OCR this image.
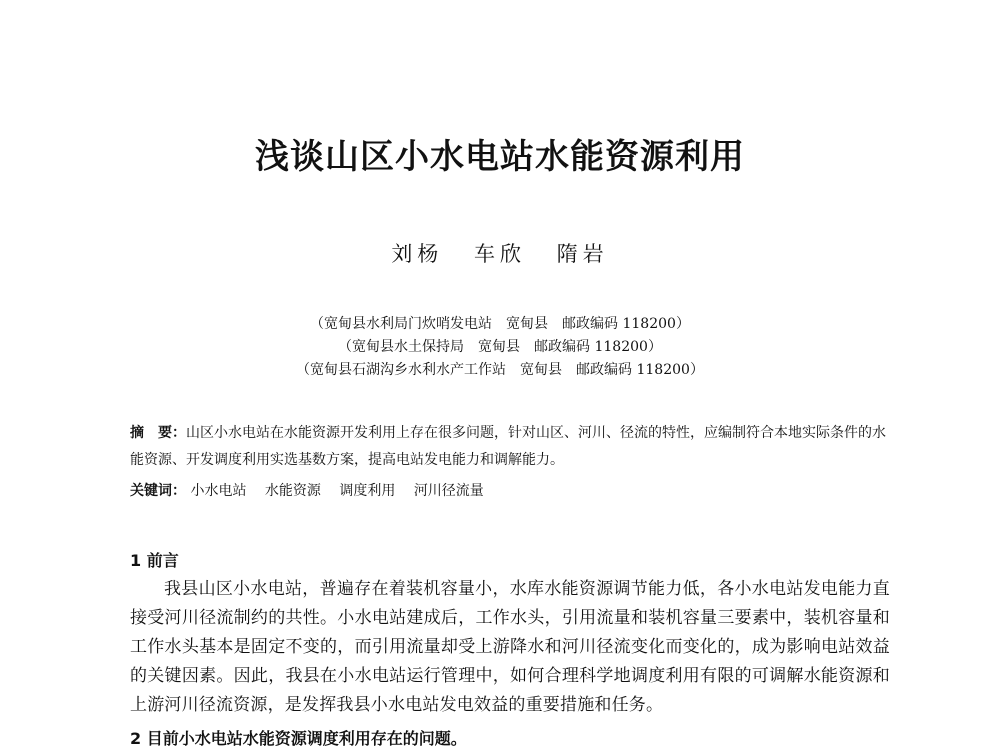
浅谈山区小水电站水能资源利用
刘杨 车欣 隋岩
（宽甸县水利局门炊哨发电站　宽甸县　邮政编码 118200）
（宽甸县水土保持局　宽甸县　邮政编码 118200）
（宽甸县石湖沟乡水利水产工作站　宽甸县　邮政编码 118200）
摘　要：山区小水电站在水能资源开发利用上存在很多问题，针对山区、河川、径流的特性，应编制符合本地实际条件的水能资源、开发调度利用实选基数方案，提高电站发电能力和调解能力。
关键词： 小水电站 水能资源 调度利用 河川径流量
1 前言
我县山区小水电站，普遍存在着装机容量小，水库水能资源调节能力低，各小水电站发电能力直接受河川径流制约的共性。小水电站建成后，工作水头，引用流量和装机容量三要素中，装机容量和工作水头基本是固定不变的，而引用流量却受上游降水和河川径流变化而变化的，成为影响电站效益的关键因素。因此，我县在小水电站运行管理中，如何合理科学地调度利用有限的可调解水能资源和上游河川径流资源，是发挥我县小水电站发电效益的重要措施和任务。
2 目前小水电站水能资源调度利用存在的问题。
